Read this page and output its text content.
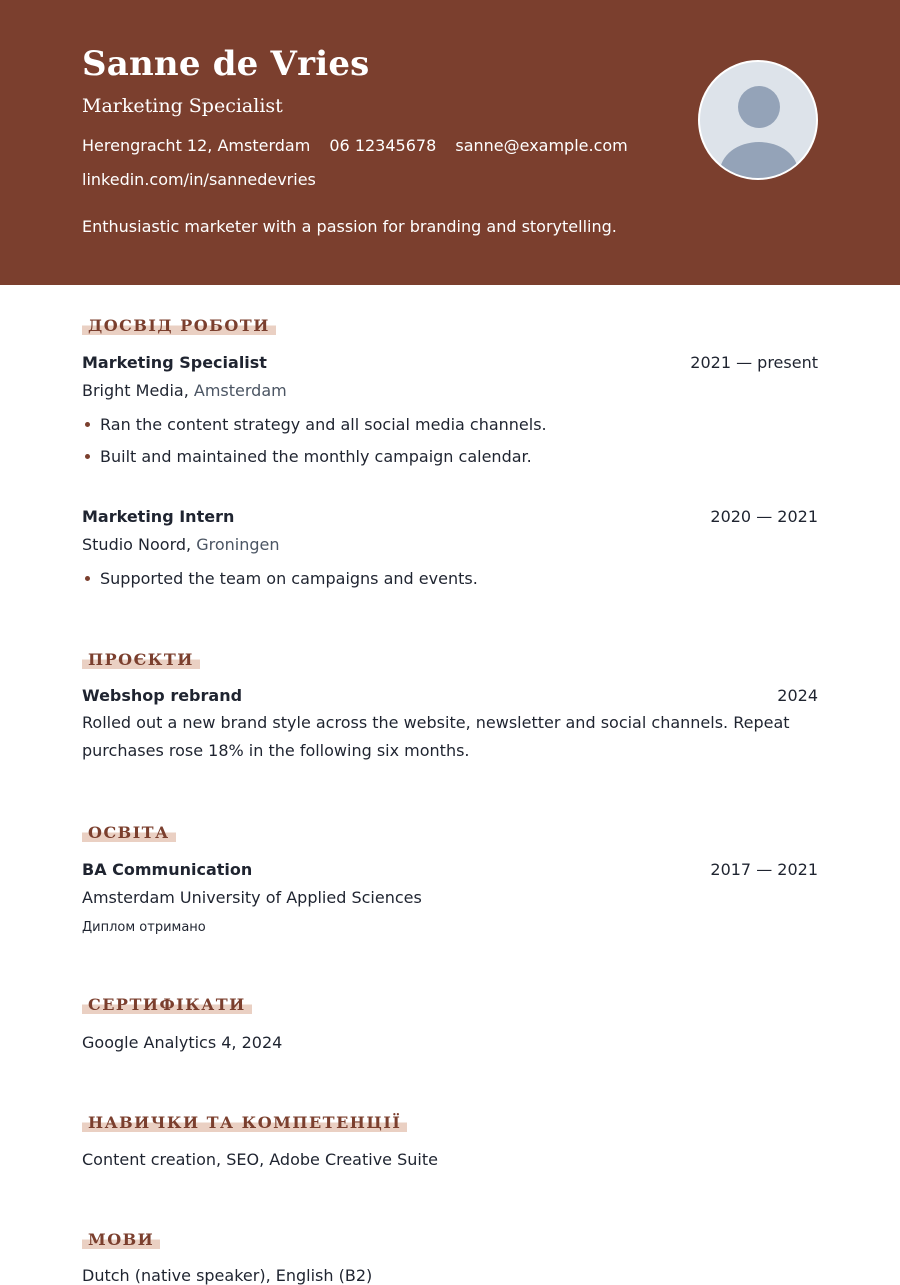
Sanne de Vries
Marketing Specialist
Herengracht 12, Amsterdam 06 12345678 sanne@example.com
linkedin.com/in/sannedevries
Enthusiastic marketer with a passion for branding and storytelling.
ДОСВІД РОБОТИ
Marketing Specialist	2021 — present
Bright Media, Amsterdam
Ran the content strategy and all social media channels.
Built and maintained the monthly campaign calendar.
Marketing Intern	2020 — 2021
Studio Noord, Groningen
Supported the team on campaigns and events.
ПРОЄКТИ
Webshop rebrand	2024
Rolled out a new brand style across the website, newsletter and social channels. Repeat purchases rose 18% in the following six months.
ОСВІТА
BA Communication	2017 — 2021
Amsterdam University of Applied Sciences
Диплом отримано
СЕРТИФІКАТИ
Google Analytics 4, 2024
НАВИЧКИ ТА КОМПЕТЕНЦІЇ
Content creation, SEO, Adobe Creative Suite
МОВИ
Dutch (native speaker), English (B2)
